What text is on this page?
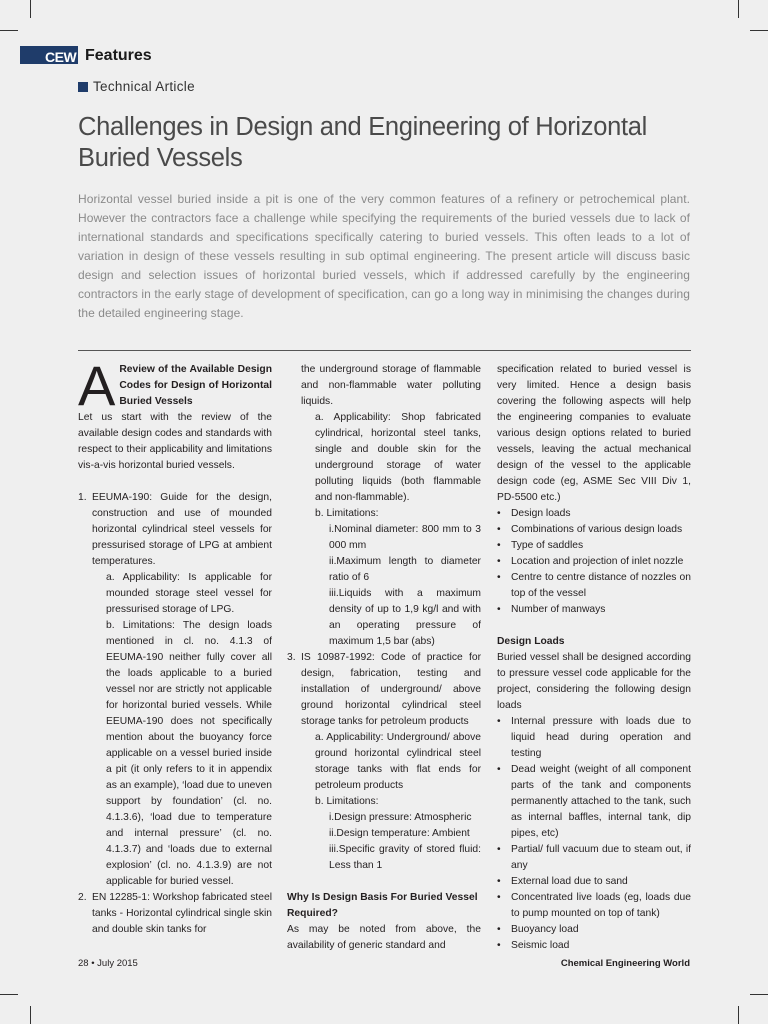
CEW Features
Technical Article
Challenges in Design and Engineering of Horizontal Buried Vessels
Horizontal vessel buried inside a pit is one of the very common features of a refinery or petrochemical plant. However the contractors face a challenge while specifying the requirements of the buried vessels due to lack of international standards and specifications specifically catering to buried vessels. This often leads to a lot of variation in design of these vessels resulting in sub optimal engineering. The present article will discuss basic design and selection issues of horizontal buried vessels, which if addressed carefully by the engineering contractors in the early stage of development of specification, can go a long way in minimising the changes during the detailed engineering stage.
A Review of the Available Design Codes for Design of Horizontal Buried Vessels

Let us start with the review of the available design codes and standards with respect to their applicability and limitations vis-a-vis horizontal buried vessels.

1. EEUMA-190: Guide for the design, construction and use of mounded horizontal cylindrical steel vessels for pressurised storage of LPG at ambient temperatures.

a. Applicability: Is applicable for mounded storage steel vessel for pressurised storage of LPG.

b. Limitations: The design loads mentioned in cl. no. 4.1.3 of EEUMA-190 neither fully cover all the loads applicable to a buried vessel nor are strictly not applicable for horizontal buried vessels. While EEUMA-190 does not specifically mention about the buoyancy force applicable on a vessel buried inside a pit (it only refers to it in appendix as an example), ‘load due to uneven support by foundation’ (cl. no. 4.1.3.6), ‘load due to temperature and internal pressure’ (cl. no. 4.1.3.7) and ‘loads due to external explosion’ (cl. no. 4.1.3.9) are not applicable for buried vessel.

2. EN 12285-1: Workshop fabricated steel tanks - Horizontal cylindrical single skin and double skin tanks for

the underground storage of flammable and non-flammable water polluting liquids.

a. Applicability: Shop fabricated cylindrical, horizontal steel tanks, single and double skin for the underground storage of water polluting liquids (both flammable and non-flammable).

b. Limitations:

i.Nominal diameter: 800 mm to 3 000 mm

ii.Maximum length to diameter ratio of 6

iii.Liquids with a maximum density of up to 1,9 kg/l and with an operating pressure of maximum 1,5 bar (abs)

3. IS 10987-1992: Code of practice for design, fabrication, testing and installation of underground/ above ground horizontal cylindrical steel storage tanks for petroleum products

a. Applicability: Underground/ above ground horizontal cylindrical steel storage tanks with flat ends for petroleum products

b. Limitations:

i.Design pressure: Atmospheric

ii.Design temperature: Ambient

iii.Specific gravity of stored fluid: Less than 1

Why Is Design Basis For Buried Vessel Required?

As may be noted from above, the availability of generic standard and

specification related to buried vessel is very limited. Hence a design basis covering the following aspects will help the engineering companies to evaluate various design options related to buried vessels, leaving the actual mechanical design of the vessel to the applicable design code (eg, ASME Sec VIII Div 1, PD-5500 etc.)

• Design loads

• Combinations of various design loads

• Type of saddles

• Location and projection of inlet nozzle

• Centre to centre distance of nozzles on top of the vessel

• Number of manways

Design Loads

Buried vessel shall be designed according to pressure vessel code applicable for the project, considering the following design loads

• Internal pressure with loads due to liquid head during operation and testing

• Dead weight (weight of all component parts of the tank and components permanently attached to the tank, such as internal baffles, internal tank, dip pipes, etc)

• Partial/ full vacuum due to steam out, if any

• External load due to sand

• Concentrated live loads (eg, loads due to pump mounted on top of tank)

• Buoyancy load

• Seismic load

28 • July 2015	Chemical Engineering World
